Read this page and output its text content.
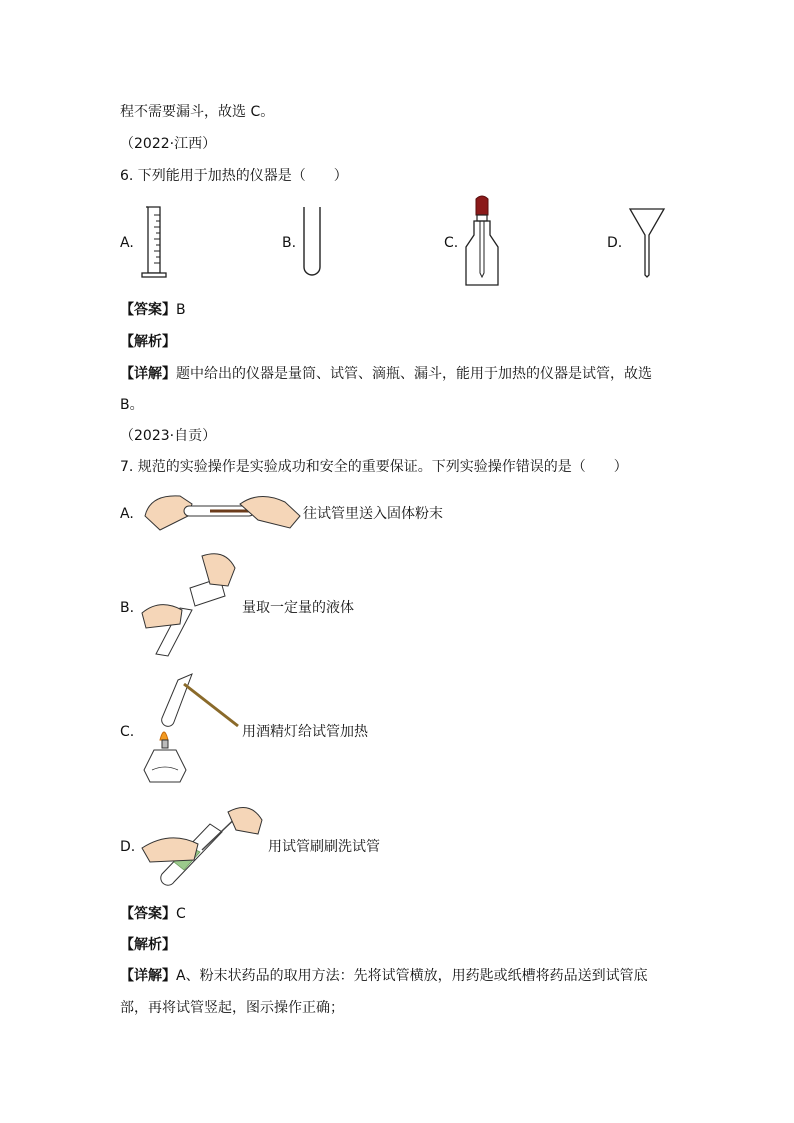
程不需要漏斗，故选 C。
（2022·江西）
6. 下列能用于加热的仪器是（　　）
A.	B.	C.	D.
【答案】B
【解析】
【详解】题中给出的仪器是量筒、试管、滴瓶、漏斗，能用于加热的仪器是试管，故选
B。
（2023·自贡）
7. 规范的实验操作是实验成功和安全的重要保证。下列实验操作错误的是（　　）
A.	往试管里送入固体粉末
B.	量取一定量的液体
C.	用酒精灯给试管加热
D.	用试管刷刷洗试管
【答案】C
【解析】
【详解】A、粉末状药品的取用方法：先将试管横放，用药匙或纸槽将药品送到试管底
部，再将试管竖起，图示操作正确；
